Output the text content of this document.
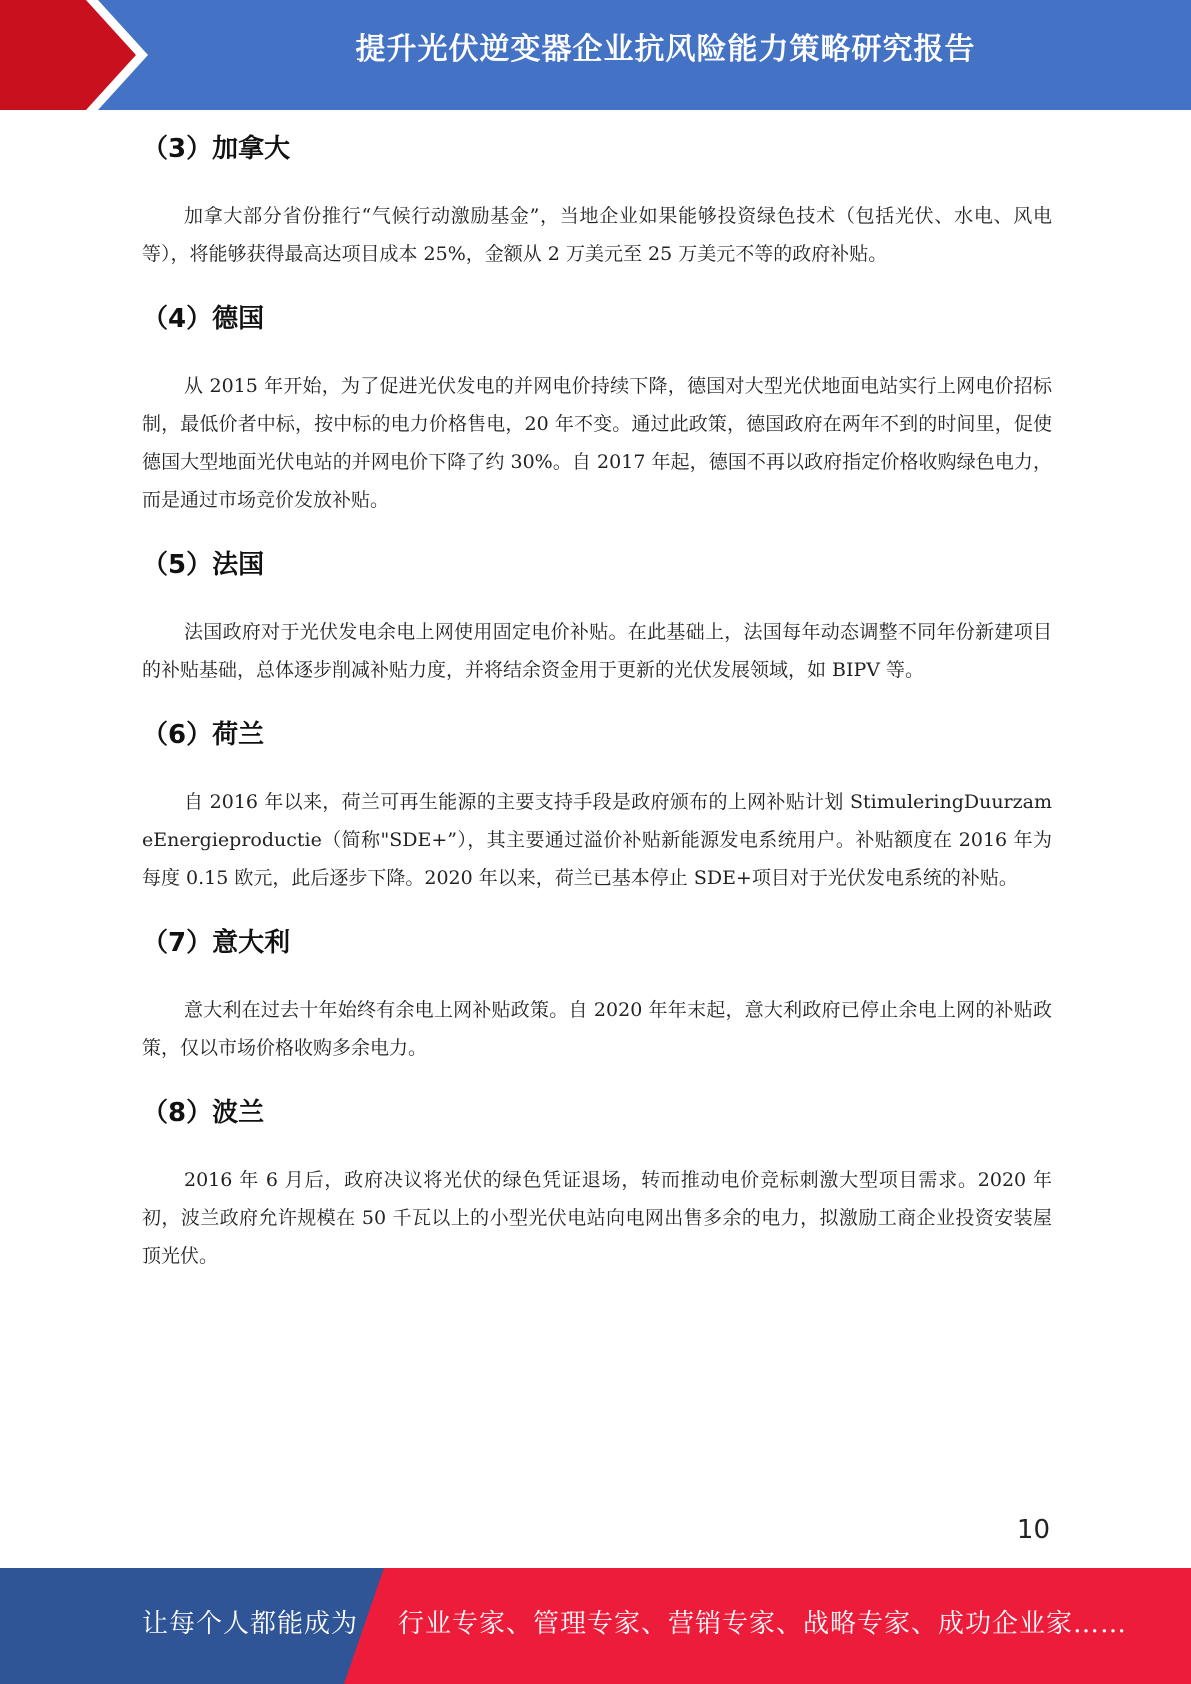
提升光伏逆变器企业抗风险能力策略研究报告
（3）加拿大

加拿大部分省份推行“气候行动激励基金”，当地企业如果能够投资绿色技术（包括光伏、水电、风电等），将能够获得最高达项目成本 25%，金额从 2 万美元至 25 万美元不等的政府补贴。

（4）德国

从 2015 年开始，为了促进光伏发电的并网电价持续下降，德国对大型光伏地面电站实行上网电价招标制，最低价者中标，按中标的电力价格售电，20 年不变。通过此政策，德国政府在两年不到的时间里，促使德国大型地面光伏电站的并网电价下降了约 30%。自 2017 年起，德国不再以政府指定价格收购绿色电力，而是通过市场竞价发放补贴。

（5）法国

法国政府对于光伏发电余电上网使用固定电价补贴。在此基础上，法国每年动态调整不同年份新建项目的补贴基础，总体逐步削减补贴力度，并将结余资金用于更新的光伏发展领域，如 BIPV 等。

（6）荷兰

自 2016 年以来，荷兰可再生能源的主要支持手段是政府颁布的上网补贴计划 StimuleringDuurzameEnergieproductie（简称"SDE+”），其主要通过溢价补贴新能源发电系统用户。补贴额度在 2016 年为每度 0.15 欧元，此后逐步下降。2020 年以来，荷兰已基本停止 SDE+项目对于光伏发电系统的补贴。

（7）意大利

意大利在过去十年始终有余电上网补贴政策。自 2020 年年末起，意大利政府已停止余电上网的补贴政策，仅以市场价格收购多余电力。

（8）波兰

2016 年 6 月后，政府决议将光伏的绿色凭证退场，转而推动电价竞标刺激大型项目需求。2020 年初，波兰政府允许规模在 50 千瓦以上的小型光伏电站向电网出售多余的电力，拟激励工商企业投资安装屋顶光伏。

10
让每个人都能成为 行业专家、管理专家、营销专家、战略专家、成功企业家……
